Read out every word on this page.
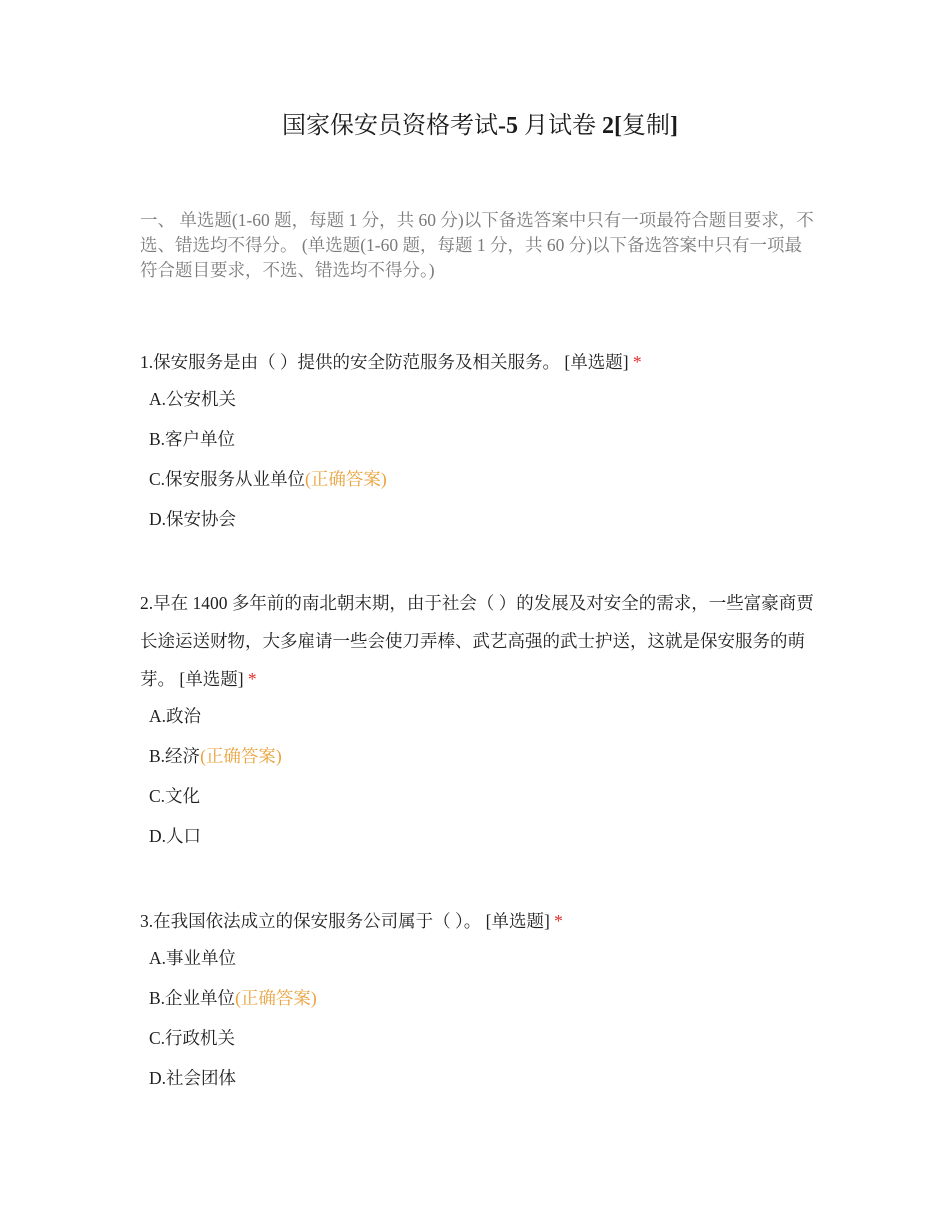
国家保安员资格考试-5 月试卷 2[复制]
一、 单选题(1-60 题，每题 1 分，共 60 分)以下备选答案中只有一项最符合题目要求，不选、错选均不得分。 (单选题(1-60 题，每题 1 分，共 60 分)以下备选答案中只有一项最符合题目要求，不选、错选均不得分。)

1.保安服务是由（ ）提供的安全防范服务及相关服务。 [单选题] *

A.公安机关
B.客户单位
C.保安服务从业单位(正确答案)
D.保安协会

2.早在 1400 多年前的南北朝末期，由于社会（ ）的发展及对安全的需求，一些富豪商贾长途运送财物，大多雇请一些会使刀弄棒、武艺高强的武士护送，这就是保安服务的萌芽。 [单选题] *

A.政治
B.经济(正确答案)
C.文化
D.人口

3.在我国依法成立的保安服务公司属于（ ）。 [单选题] *

A.事业单位
B.企业单位(正确答案)
C.行政机关
D.社会团体
